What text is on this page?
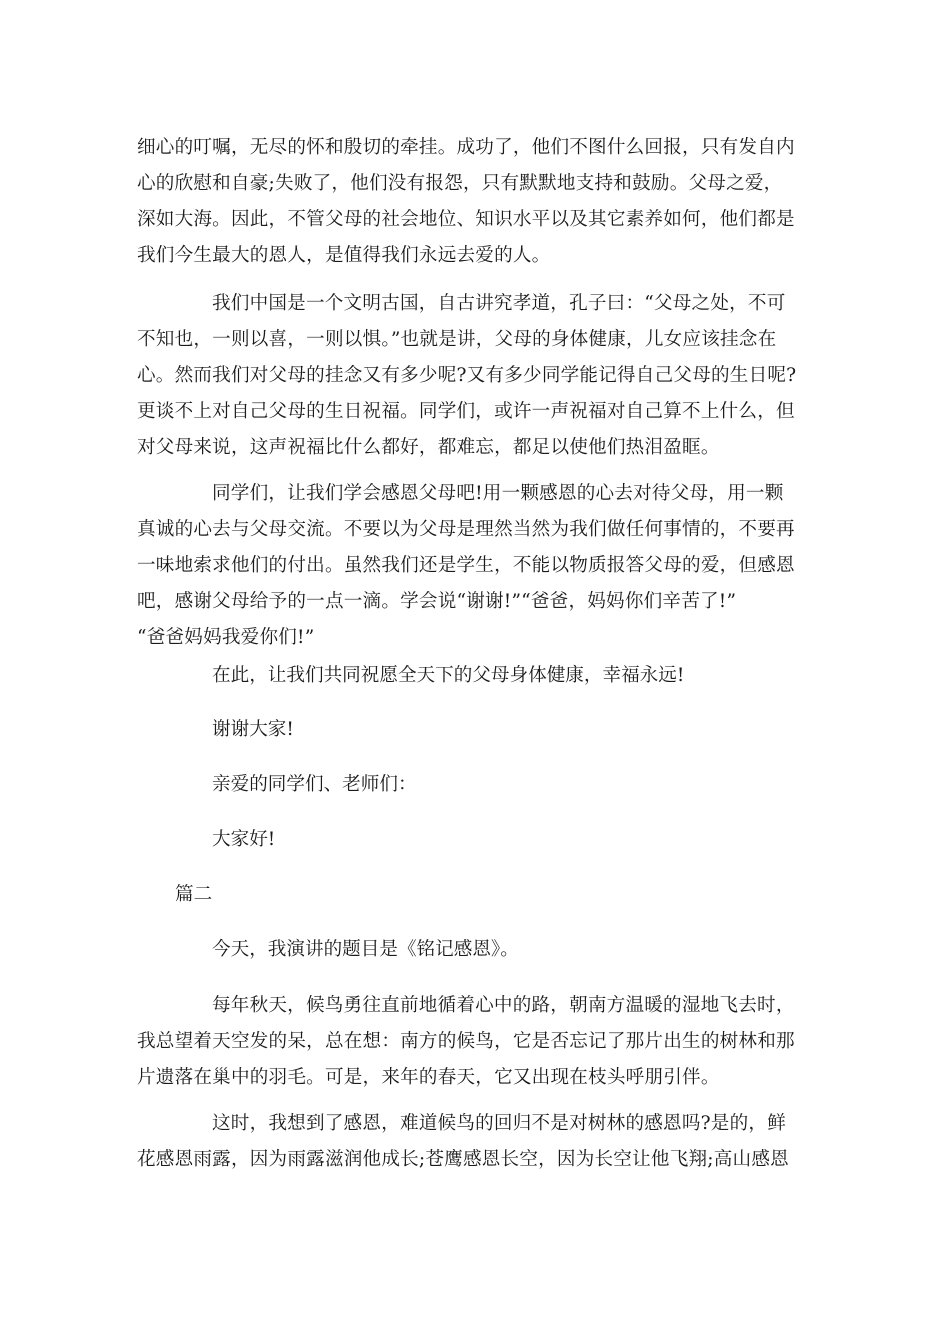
细心的叮嘱，无尽的怀和殷切的牵挂。成功了，他们不图什么回报，只有发自内
心的欣慰和自豪;失败了，他们没有报怨，只有默默地支持和鼓励。父母之爱，
深如大海。因此，不管父母的社会地位、知识水平以及其它素养如何，他们都是
我们今生最大的恩人，是值得我们永远去爱的人。
我们中国是一个文明古国，自古讲究孝道，孔子曰：“父母之处，不可
不知也，一则以喜，一则以惧。”也就是讲，父母的身体健康，儿女应该挂念在
心。然而我们对父母的挂念又有多少呢?又有多少同学能记得自己父母的生日呢?
更谈不上对自己父母的生日祝福。同学们，或许一声祝福对自己算不上什么，但
对父母来说，这声祝福比什么都好，都难忘，都足以使他们热泪盈眶。
同学们，让我们学会感恩父母吧!用一颗感恩的心去对待父母，用一颗
真诚的心去与父母交流。不要以为父母是理然当然为我们做任何事情的，不要再
一味地索求他们的付出。虽然我们还是学生，不能以物质报答父母的爱，但感恩
吧，感谢父母给予的一点一滴。学会说“谢谢!”“爸爸，妈妈你们辛苦了!”
“爸爸妈妈我爱你们!”

在此，让我们共同祝愿全天下的父母身体健康，幸福永远!

谢谢大家!

亲爱的同学们、老师们：

大家好!

篇二

今天，我演讲的题目是《铭记感恩》。

每年秋天，候鸟勇往直前地循着心中的路，朝南方温暖的湿地飞去时，
我总望着天空发的呆，总在想：南方的候鸟，它是否忘记了那片出生的树林和那
片遗落在巢中的羽毛。可是，来年的春天，它又出现在枝头呼朋引伴。
这时，我想到了感恩，难道候鸟的回归不是对树林的感恩吗?是的，鲜
花感恩雨露，因为雨露滋润他成长;苍鹰感恩长空，因为长空让他飞翔;高山感恩
